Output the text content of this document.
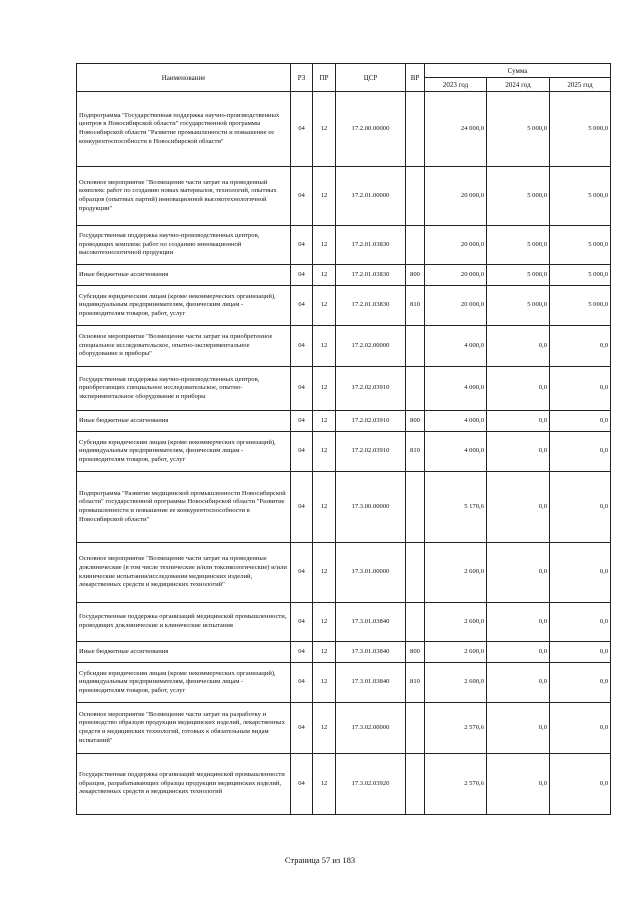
Наименование	РЗ	ПР	ЦСР	ВР	Сумма		
					2023 год	2024 год	2025 год
Подпрограмма "Государственная поддержка научно-производственных центров в Новосибирской области" государственной программы Новосибирской области "Развитие промышленности и повышение ее конкурентоспособности в Новосибирской области"	04	12	17.2.00.00000		24 000,0	5 000,0	5 000,0
Основное мероприятие "Возмещение части затрат на проведенный комплекс работ по созданию новых материалов, технологий, опытных образцов (опытных партий) инновационной высокотехнологичной продукции"	04	12	17.2.01.00000		20 000,0	5 000,0	5 000,0
Государственная поддержка научно-производственных центров, проводящих комплекс работ по созданию инновационной высокотехнологичной продукции	04	12	17.2.01.03830		20 000,0	5 000,0	5 000,0
Иные бюджетные ассигнования	04	12	17.2.01.03830	800	20 000,0	5 000,0	5 000,0
Субсидии юридическим лицам (кроме некоммерческих организаций), индивидуальным предпринимателям, физическим лицам - производителям товаров, работ, услуг	04	12	17.2.01.03830	810	20 000,0	5 000,0	5 000,0
Основное мероприятие "Возмещение части затрат на приобретенное специальное исследовательское, опытно-экспериментальное оборудование и приборы"	04	12	17.2.02.00000		4 000,0	0,0	0,0
Государственная поддержка научно-производственных центров, приобретающих специальное исследовательское, опытно-экспериментальное оборудование и приборы	04	12	17.2.02.03910		4 000,0	0,0	0,0
Иные бюджетные ассигнования	04	12	17.2.02.03910	800	4 000,0	0,0	0,0
Субсидии юридическим лицам (кроме некоммерческих организаций), индивидуальным предпринимателям, физическим лицам - производителям товаров, работ, услуг	04	12	17.2.02.03910	810	4 000,0	0,0	0,0
Подпрограмма "Развитие медицинской промышленности Новосибирской области" государственной программы Новосибирской области "Развитие промышленности и повышение ее конкурентоспособности в Новосибирской области"	04	12	17.3.00.00000		5 170,6	0,0	0,0
Основное мероприятие "Возмещение части затрат на проведенные доклинические (в том числе технические и/или токсикологические) и/или клинические испытания/исследования медицинских изделий, лекарственных средств и медицинских технологий"	04	12	17.3.01.00000		2 600,0	0,0	0,0
Государственная поддержка организаций медицинской промышленности, проводящих доклинические и клинические испытания	04	12	17.3.01.03840		2 600,0	0,0	0,0
Иные бюджетные ассигнования	04	12	17.3.01.03840	800	2 600,0	0,0	0,0
Субсидии юридическим лицам (кроме некоммерческих организаций), индивидуальным предпринимателям, физическим лицам - производителям товаров, работ, услуг	04	12	17.3.01.03840	810	2 600,0	0,0	0,0
Основное мероприятие "Возмещение части затрат на разработку и производство образцов продукции медицинских изделий, лекарственных средств и медицинских технологий, готовых к обязательным видам испытаний"	04	12	17.3.02.00000		2 570,6	0,0	0,0
Государственная поддержка организаций медицинской промышленности образцов, разрабатывающих образцы продукции медицинских изделий, лекарственных средств и медицинских технологий	04	12	17.3.02.03920		2 570,6	0,0	0,0
Страница 57 из 183
